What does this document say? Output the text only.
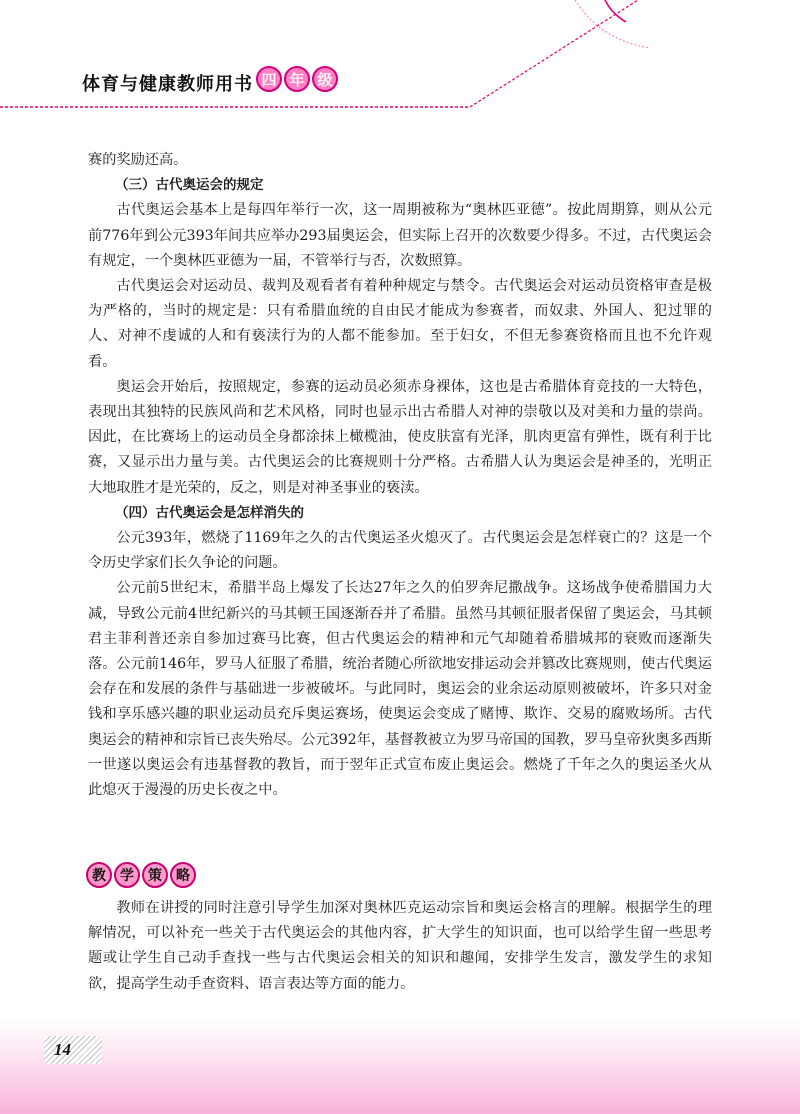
体育与健康教师用书 四 年 级

赛的奖励还高。

（三）古代奥运会的规定

古代奥运会基本上是每四年举行一次，这一周期被称为“奥林匹亚德”。按此周期算，则从公元前776年到公元393年间共应举办293届奥运会，但实际上召开的次数要少得多。不过，古代奥运会有规定，一个奥林匹亚德为一届，不管举行与否，次数照算。

古代奥运会对运动员、裁判及观看者有着种种规定与禁令。古代奥运会对运动员资格审查是极为严格的，当时的规定是：只有希腊血统的自由民才能成为参赛者，而奴隶、外国人、犯过罪的人、对神不虔诚的人和有亵渎行为的人都不能参加。至于妇女，不但无参赛资格而且也不允许观看。

奥运会开始后，按照规定，参赛的运动员必须赤身裸体，这也是古希腊体育竞技的一大特色，表现出其独特的民族风尚和艺术风格，同时也显示出古希腊人对神的崇敬以及对美和力量的崇尚。因此，在比赛场上的运动员全身都涂抹上橄榄油，使皮肤富有光泽，肌肉更富有弹性，既有利于比赛，又显示出力量与美。古代奥运会的比赛规则十分严格。古希腊人认为奥运会是神圣的，光明正大地取胜才是光荣的，反之，则是对神圣事业的亵渎。

（四）古代奥运会是怎样消失的

公元393年，燃烧了1169年之久的古代奥运圣火熄灭了。古代奥运会是怎样衰亡的？这是一个令历史学家们长久争论的问题。

公元前5世纪末，希腊半岛上爆发了长达27年之久的伯罗奔尼撒战争。这场战争使希腊国力大减，导致公元前4世纪新兴的马其顿王国逐渐吞并了希腊。虽然马其顿征服者保留了奥运会，马其顿君主菲利普还亲自参加过赛马比赛，但古代奥运会的精神和元气却随着希腊城邦的衰败而逐渐失落。公元前146年，罗马人征服了希腊，统治者随心所欲地安排运动会并篡改比赛规则，使古代奥运会存在和发展的条件与基础进一步被破坏。与此同时，奥运会的业余运动原则被破坏，许多只对金钱和享乐感兴趣的职业运动员充斥奥运赛场，使奥运会变成了赌博、欺诈、交易的腐败场所。古代奥运会的精神和宗旨已丧失殆尽。公元392年，基督教被立为罗马帝国的国教，罗马皇帝狄奥多西斯一世遂以奥运会有违基督教的教旨，而于翌年正式宣布废止奥运会。燃烧了千年之久的奥运圣火从此熄灭于漫漫的历史长夜之中。

教	学	策	略

教师在讲授的同时注意引导学生加深对奥林匹克运动宗旨和奥运会格言的理解。根据学生的理解情况，可以补充一些关于古代奥运会的其他内容，扩大学生的知识面，也可以给学生留一些思考题或让学生自己动手查找一些与古代奥运会相关的知识和趣闻，安排学生发言，激发学生的求知欲，提高学生动手查资料、语言表达等方面的能力。

14
